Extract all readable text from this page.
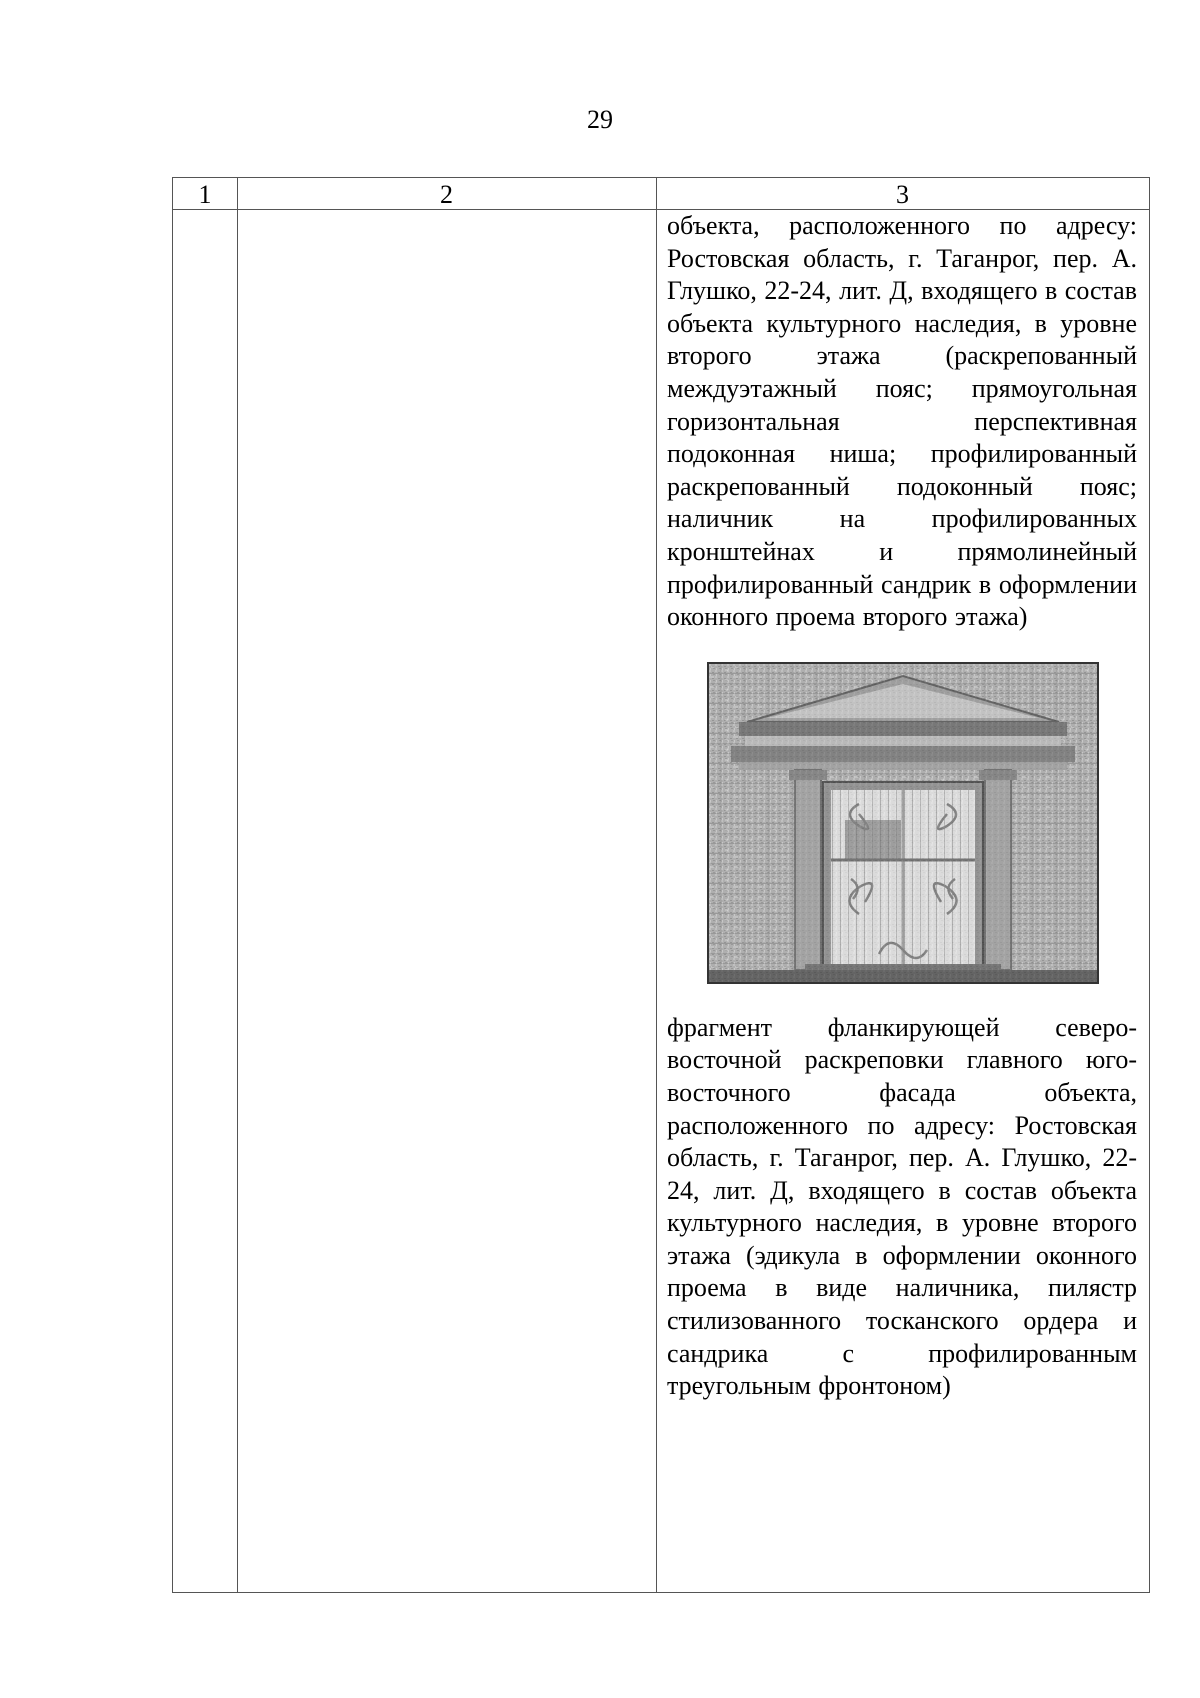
29
1	2	3

объекта, расположенного по адресу: Ростовская область, г. Таганрог, пер. А. Глушко, 22-24, лит. Д, входящего в состав объекта культурного наследия, в уровне второго этажа (раскрепованный междуэтажный пояс; прямоугольная горизонтальная перспективная подоконная ниша; профилированный раскрепованный подоконный пояс; наличник на профилированных кронштейнах и прямолинейный профилированный сандрик в оформлении оконного проема второго этажа)

фрагмент фланкирующей северо-восточной раскреповки главного юго-восточного фасада объекта, расположенного по адресу: Ростовская область, г. Таганрог, пер. А. Глушко, 22-24, лит. Д, входящего в состав объекта культурного наследия, в уровне второго этажа (эдикула в оформлении оконного проема в виде наличника, пилястр стилизованного тосканского ордера и сандрика с профилированным треугольным фронтоном)
